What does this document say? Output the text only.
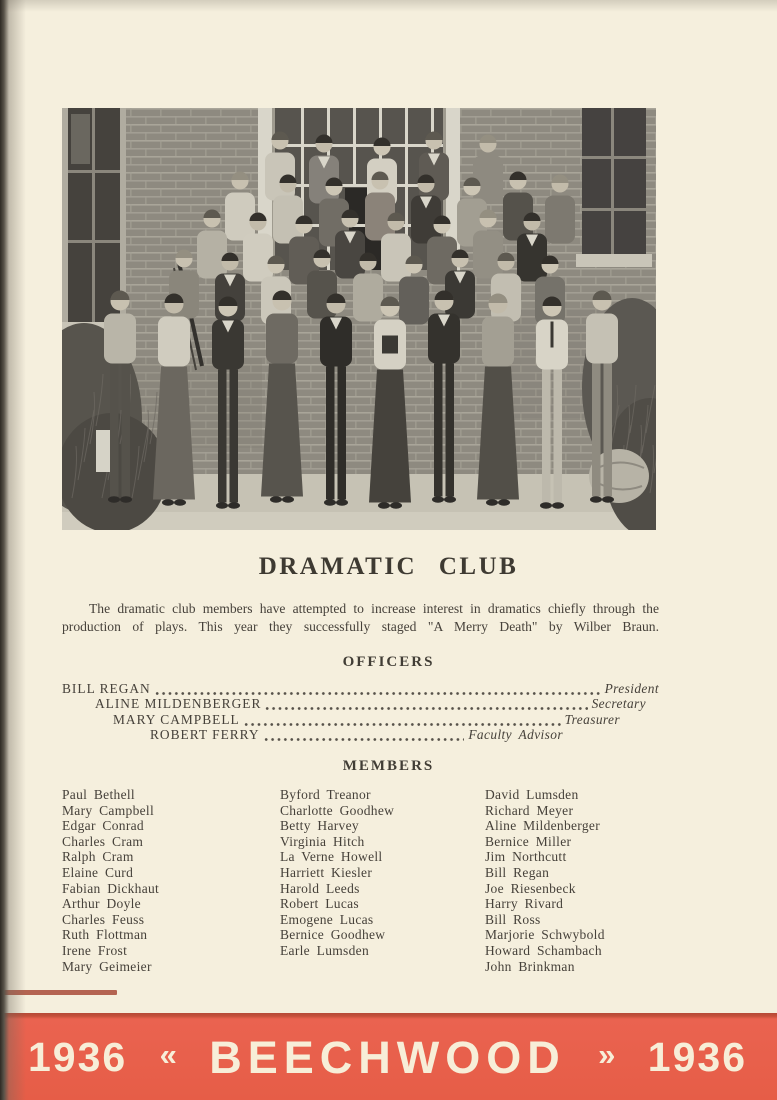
DRAMATIC CLUB
The dramatic club members have attempted to increase interest in dramatics chiefly through the production of plays. This year they successfully staged "A Merry Death" by Wilber Braun.
OFFICERS
BILL REGAN	President
ALINE MILDENBERGER	Secretary
MARY CAMPBELL	Treasurer
ROBERT FERRY	Faculty Advisor
MEMBERS
Paul Bethell
Mary Campbell
Edgar Conrad
Charles Cram
Ralph Cram
Elaine Curd
Fabian Dickhaut
Arthur Doyle
Charles Feuss
Ruth Flottman
Irene Frost
Mary Geimeier
Byford Treanor
Charlotte Goodhew
Betty Harvey
Virginia Hitch
La Verne Howell
Harriett Kiesler
Harold Leeds
Robert Lucas
Emogene Lucas
Bernice Goodhew
Earle Lumsden
David Lumsden
Richard Meyer
Aline Mildenberger
Bernice Miller
Jim Northcutt
Bill Regan
Joe Riesenbeck
Harry Rivard
Bill Ross
Marjorie Schwybold
Howard Schambach
John Brinkman
1936 « BEECHWOOD » 1936
